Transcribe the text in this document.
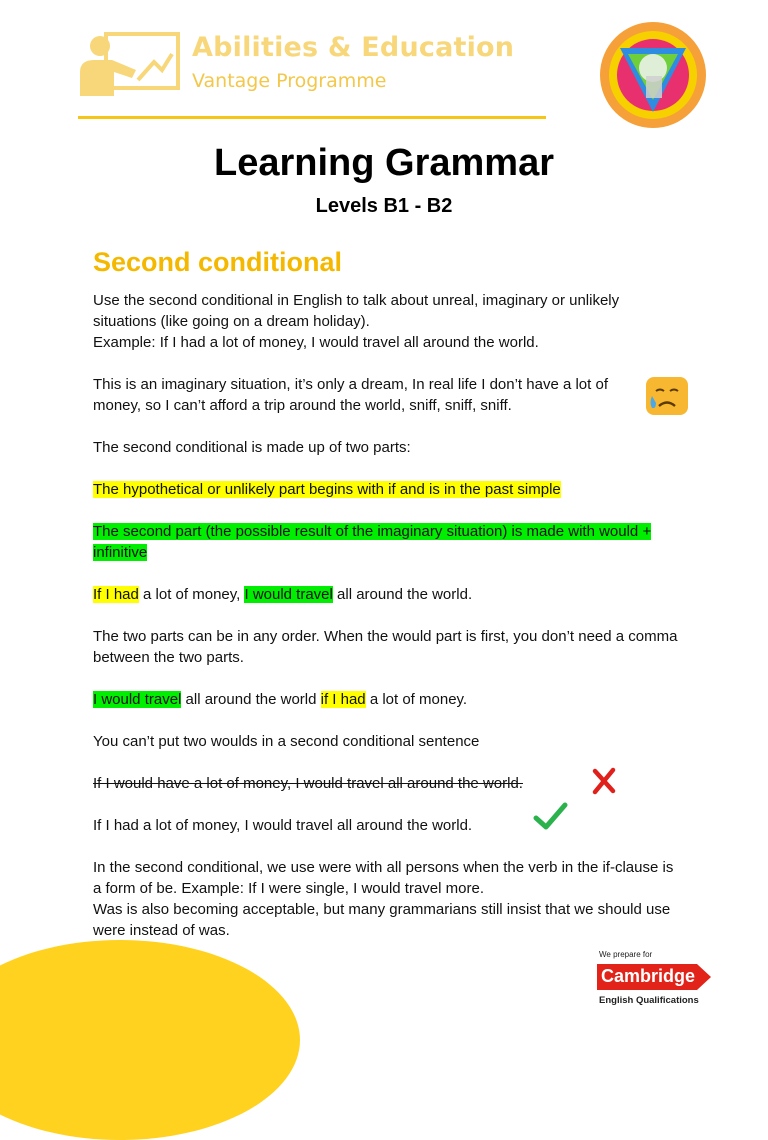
Abilities & Education
Vantage Programme
Learning Grammar
Levels B1 - B2
Second conditional

Use the second conditional in English to talk about unreal, imaginary or unlikely situations (like going on a dream holiday).

Example: If I had a lot of money, I would travel all around the world.

This is an imaginary situation, it’s only a dream, In real life I don’t have a lot of money, so I can’t afford a trip around the world, sniff, sniff, sniff.

The second conditional is made up of two parts:

The hypothetical or unlikely part begins with if and is in the past simple

The second part (the possible result of the imaginary situation) is made with would + infinitive

If I had a lot of money, I would travel all around the world.

The two parts can be in any order. When the would part is first, you don’t need a comma between the two parts.

I would travel all around the world if I had a lot of money.

You can’t put two woulds in a second conditional sentence

If I would have a lot of money, I would travel all around the world.

If I had a lot of money, I would travel all around the world.

In the second conditional, we use were with all persons when the verb in the if-clause is a form of be. Example: If I were single, I would travel more.

Was is also becoming acceptable, but many grammarians still insist that we should use were instead of was.

We prepare for
Cambridge
English Qualifications
